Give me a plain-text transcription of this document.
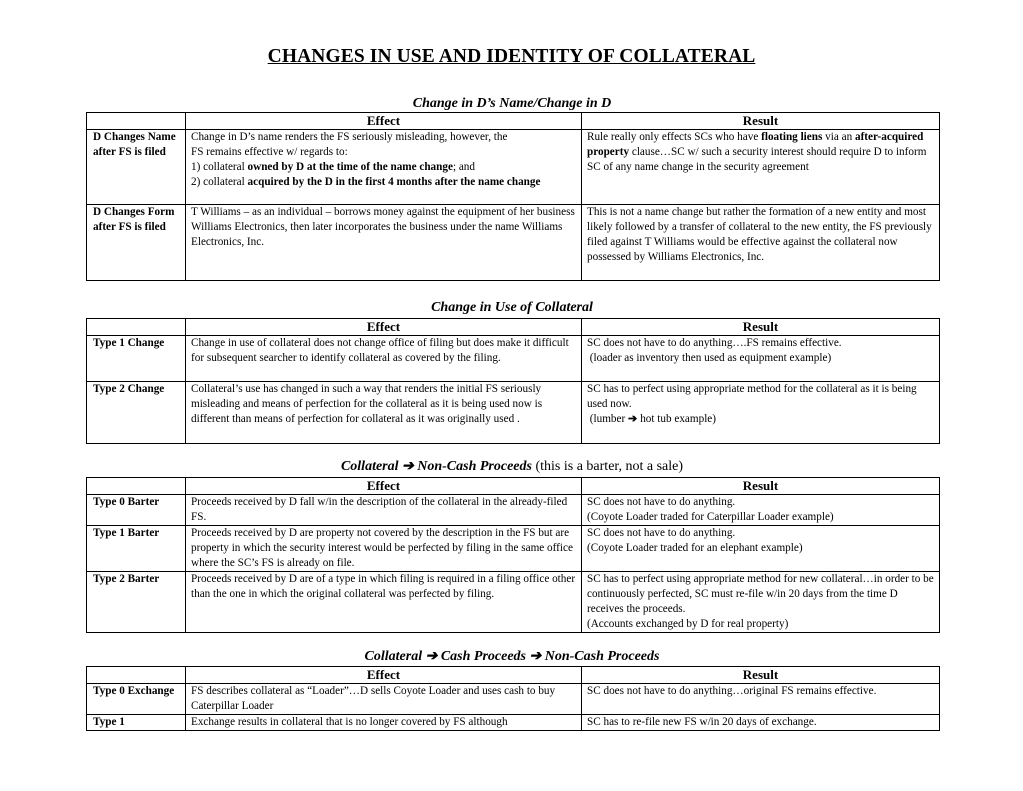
CHANGES IN USE AND IDENTITY OF COLLATERAL
Change in D’s Name/Change in D
	Effect	Result
D Changes Name after FS is filed	Change in D’s name renders the FS seriously misleading, however, the
FS remains effective w/ regards to:
1) collateral owned by D at the time of the name change; and
2) collateral acquired by the D in the first 4 months after the name change	Rule really only effects SCs who have floating liens via an after-acquired property clause…SC w/ such a security interest should require D to inform SC of any name change in the security agreement
D Changes Form after FS is filed	T Williams – as an individual – borrows money against the equipment of her business Williams Electronics, then later incorporates the business under the name Williams Electronics, Inc.	This is not a name change but rather the formation of a new entity and most likely followed by a transfer of collateral to the new entity, the FS previously filed against T Williams would be effective against the collateral now possessed by Williams Electronics, Inc.
Change in Use of Collateral
	Effect	Result
Type 1 Change	Change in use of collateral does not change office of filing but does make it difficult for subsequent searcher to identify collateral as covered by the filing.	SC does not have to do anything….FS remains effective.
(loader as inventory then used as equipment example)
Type 2 Change	Collateral’s use has changed in such a way that renders the initial FS seriously misleading and means of perfection for the collateral as it is being used now is different than means of perfection for collateral as it was originally used .	SC has to perfect using appropriate method for the collateral as it is being used now.
(lumber ➔ hot tub example)
Collateral ➔ Non-Cash Proceeds (this is a barter, not a sale)
	Effect	Result
Type 0 Barter	Proceeds received by D fall w/in the description of the collateral in the already-filed FS.	SC does not have to do anything.
(Coyote Loader traded for Caterpillar Loader example)
Type 1 Barter	Proceeds received by D are property not covered by the description in the FS but are property in which the security interest would be perfected by filing in the same office where the SC’s FS is already on file.	SC does not have to do anything.
(Coyote Loader traded for an elephant example)
Type 2 Barter	Proceeds received by D are of a type in which filing is required in a filing office other than the one in which the original collateral was perfected by filing.	SC has to perfect using appropriate method for new collateral…in order to be continuously perfected, SC must re-file w/in 20 days from the time D receives the proceeds.
(Accounts exchanged by D for real property)
Collateral ➔ Cash Proceeds ➔ Non-Cash Proceeds
	Effect	Result
Type 0 Exchange	FS describes collateral as “Loader”…D sells Coyote Loader and uses cash to buy Caterpillar Loader	SC does not have to do anything…original FS remains effective.
Type 1	Exchange results in collateral that is no longer covered by FS although	SC has to re-file new FS w/in 20 days of exchange.
